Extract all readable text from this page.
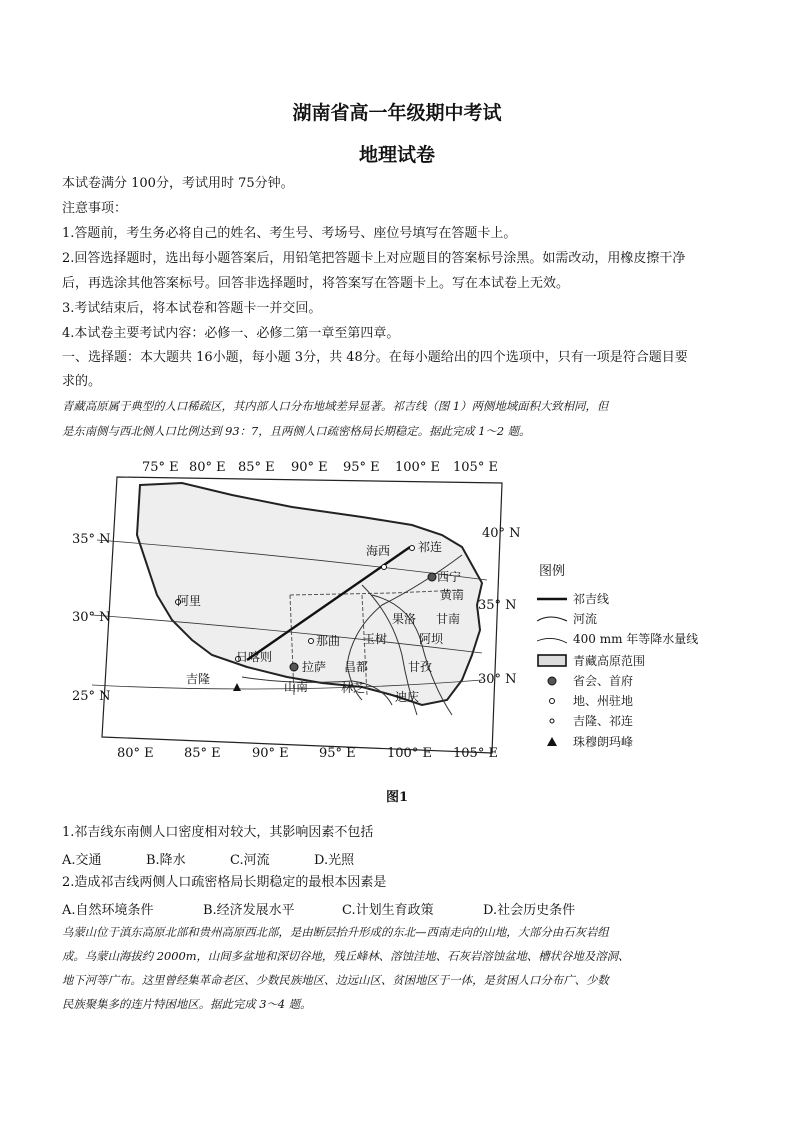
湖南省高一年级期中考试
地理试卷
本试卷满分 100分，考试用时 75分钟。
注意事项：
1.答题前，考生务必将自己的姓名、考生号、考场号、座位号填写在答题卡上。
2.回答选择题时，选出每小题答案后，用铅笔把答题卡上对应题目的答案标号涂黑。如需改动，用橡皮擦干净
后，再选涂其他答案标号。回答非选择题时，将答案写在答题卡上。写在本试卷上无效。
3.考试结束后，将本试卷和答题卡一并交回。
4.本试卷主要考试内容：必修一、必修二第一章至第四章。
一、选择题：本大题共 16小题，每小题 3分，共 48分。在每小题给出的四个选项中，只有一项是符合题目要
求的。
青藏高原属于典型的人口稀疏区，其内部人口分布地域差异显著。祁吉线（图 1）两侧地域面积大致相同，但
是东南侧与西北侧人口比例达到 93：7，且两侧人口疏密格局长期稳定。据此完成 1～2 题。
75° E 80° E 85° E 90° E 95° E 100° E 105° E
80° E 85° E 90° E 95° E 100° E 105° E
35° N
30° N
25° N
40° N
35° N
30° N
海西 祁连
西宁
黄南
阿里
果洛 甘南
那曲 玉树	阿坝
日喀则
拉萨 昌都	甘孜
吉隆
山南	林芝
迪庆
图例
祁吉线
河流
400 mm 年等降水量线
青藏高原范围
省会、首府
地、州驻地
吉隆、祁连
珠穆朗玛峰
图1
1.祁吉线东南侧人口密度相对较大，其影响因素不包括
A.交通	B.降水	C.河流	D.光照
2.造成祁吉线两侧人口疏密格局长期稳定的最根本因素是
A.自然环境条件	B.经济发展水平	C.计划生育政策	D.社会历史条件
乌蒙山位于滇东高原北部和贵州高原西北部，是由断层抬升形成的东北—西南走向的山地，大部分由石灰岩组
成。乌蒙山海拔约 2000m，山间多盆地和深切谷地，残丘峰林、溶蚀洼地、石灰岩溶蚀盆地、槽状谷地及溶洞、
地下河等广布。这里曾经集革命老区、少数民族地区、边远山区、贫困地区于一体，是贫困人口分布广、少数
民族聚集多的连片特困地区。据此完成 3～4 题。
